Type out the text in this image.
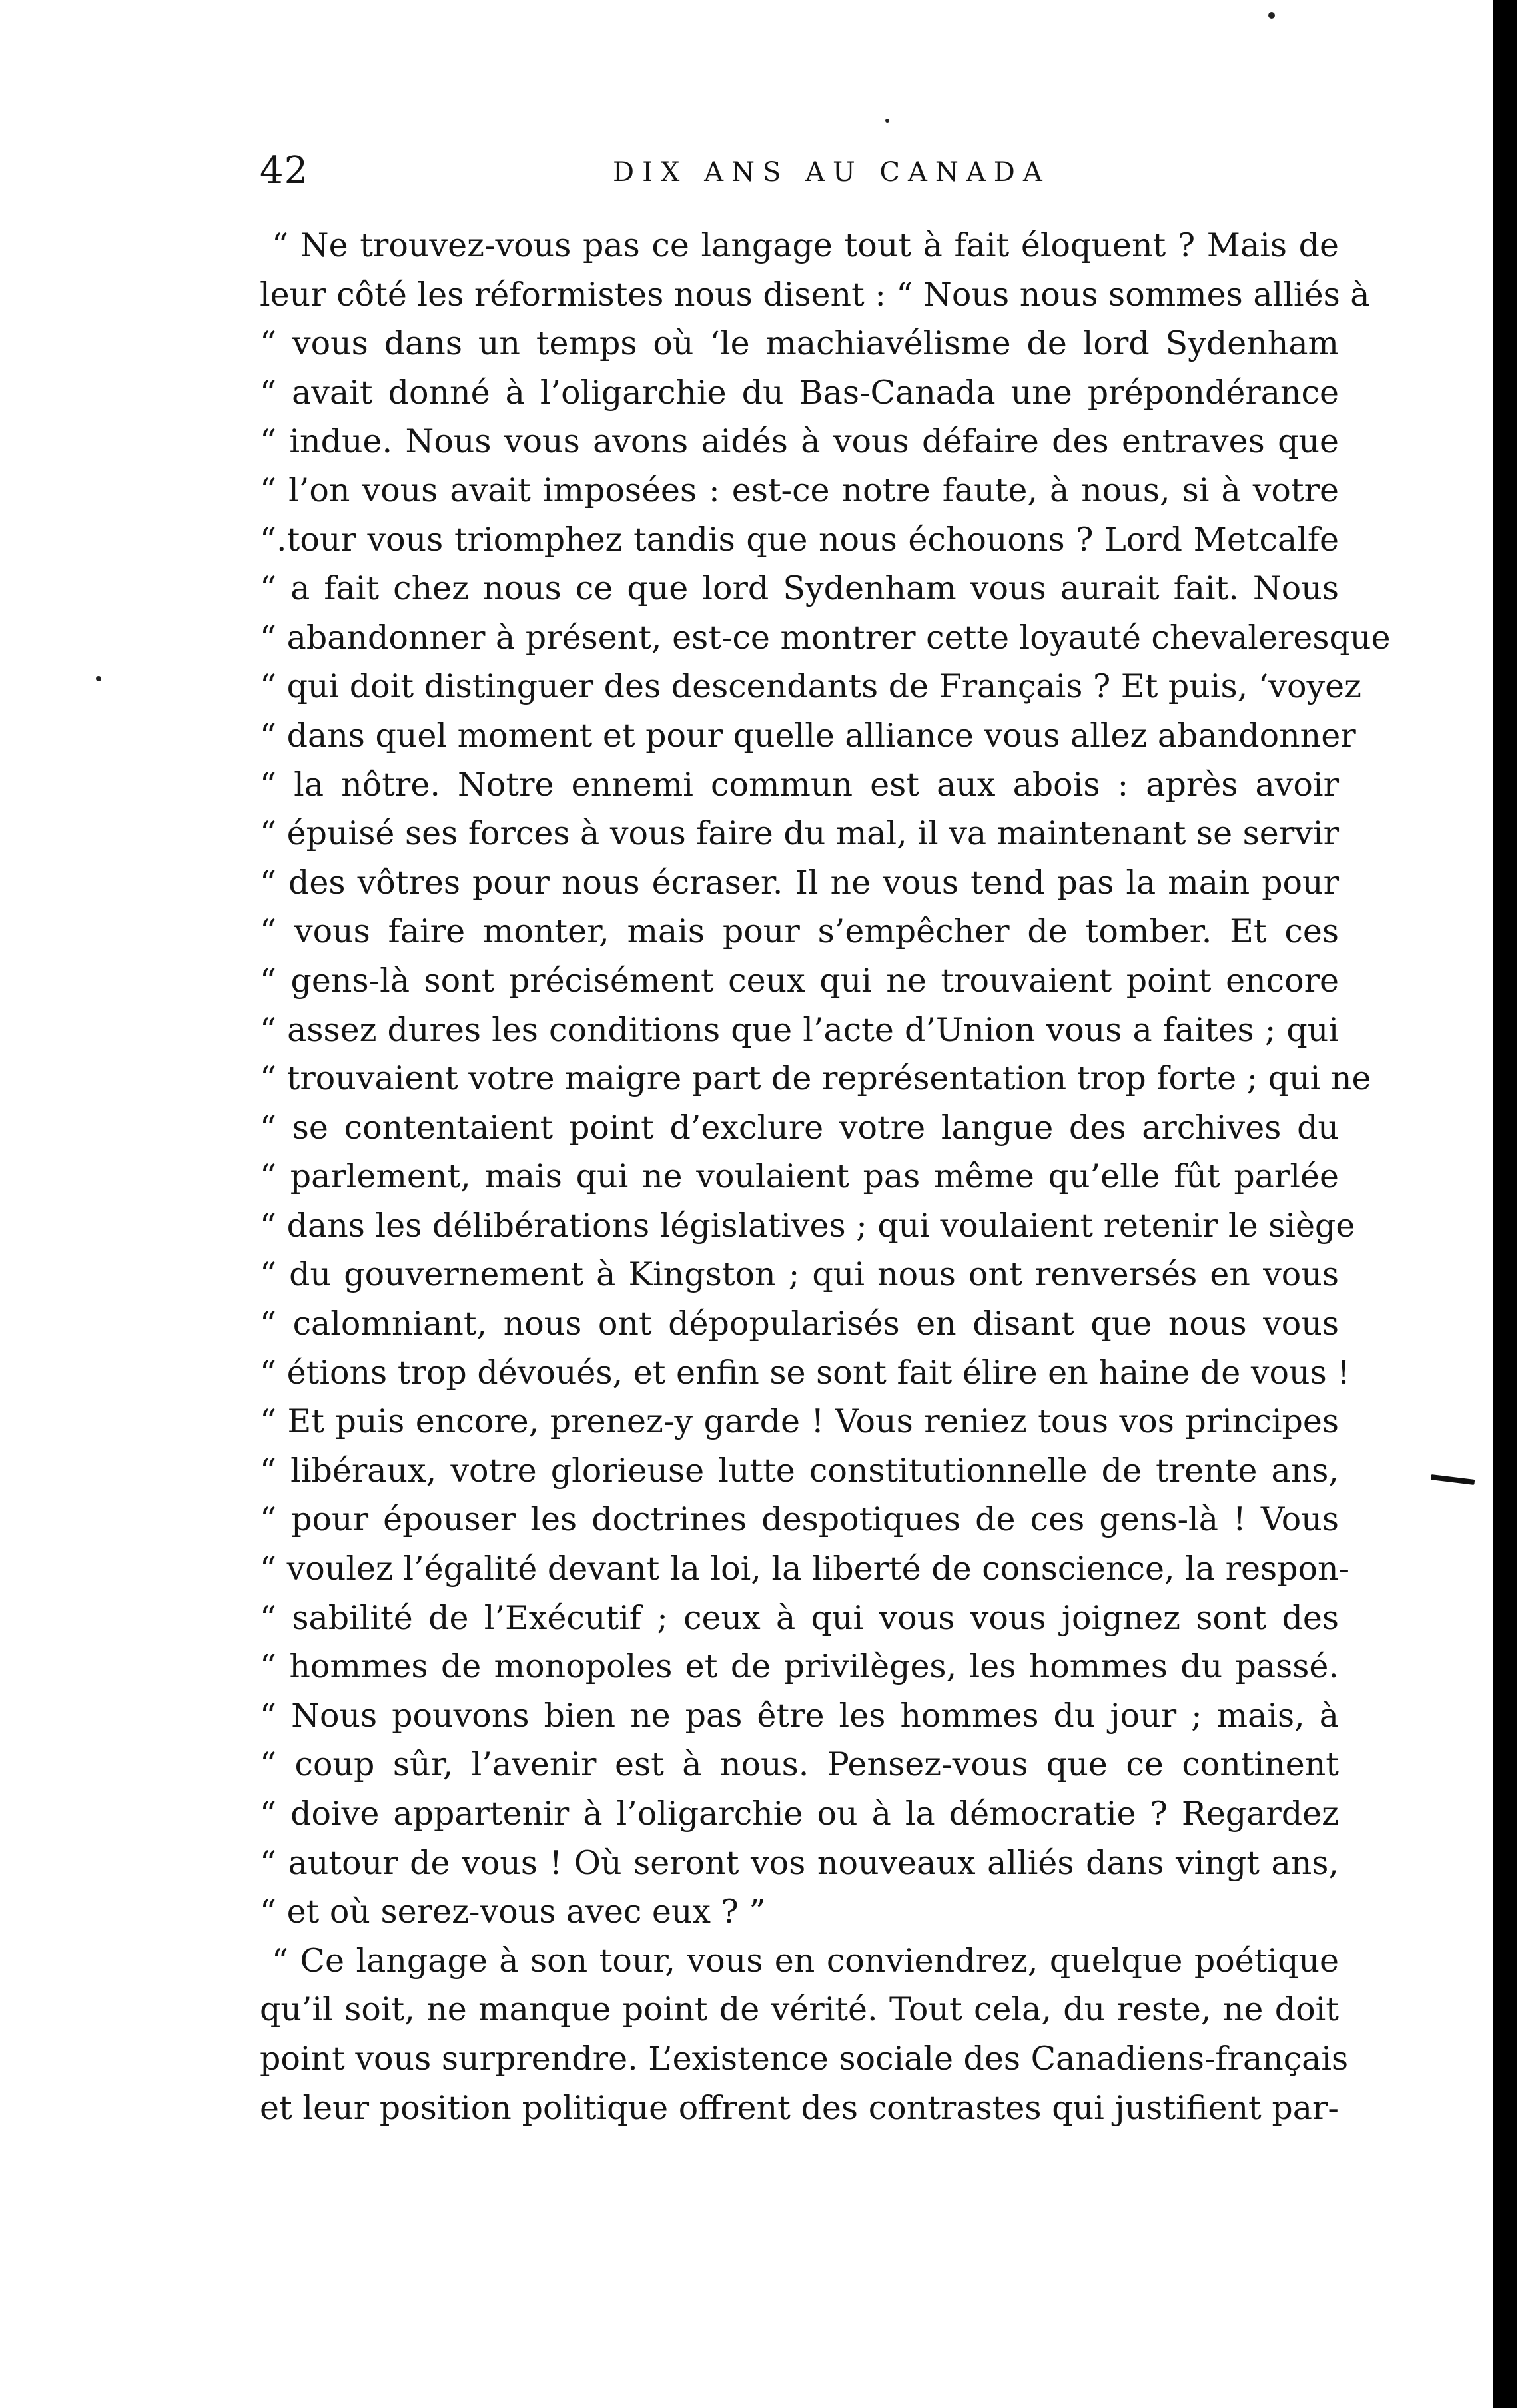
42	DIX ANS AU CANADA
“ Ne trouvez-vous pas ce langage tout à fait éloquent ? Mais de
leur côté les réformistes nous disent : “ Nous nous sommes alliés à
“ vous dans un temps où ‘le machiavélisme de lord Sydenham
“ avait donné à l’oligarchie du Bas-Canada une prépondérance
“ indue. Nous vous avons aidés à vous défaire des entraves que
“ l’on vous avait imposées : est-ce notre faute, à nous, si à votre
“.tour vous triomphez tandis que nous échouons ? Lord Metcalfe
“ a fait chez nous ce que lord Sydenham vous aurait fait. Nous
“ abandonner à présent, est-ce montrer cette loyauté chevaleresque
“ qui doit distinguer des descendants de Français ? Et puis, ‘voyez
“ dans quel moment et pour quelle alliance vous allez abandonner
“ la nôtre. Notre ennemi commun est aux abois : après avoir
“ épuisé ses forces à vous faire du mal, il va maintenant se servir
“ des vôtres pour nous écraser. Il ne vous tend pas la main pour
“ vous faire monter, mais pour s’empêcher de tomber. Et ces
“ gens-là sont précisément ceux qui ne trouvaient point encore
“ assez dures les conditions que l’acte d’Union vous a faites ; qui
“ trouvaient votre maigre part de représentation trop forte ; qui ne
“ se contentaient point d’exclure votre langue des archives du
“ parlement, mais qui ne voulaient pas même qu’elle fût parlée
“ dans les délibérations législatives ; qui voulaient retenir le siège
“ du gouvernement à Kingston ; qui nous ont renversés en vous
“ calomniant, nous ont dépopularisés en disant que nous vous
“ étions trop dévoués, et enfin se sont fait élire en haine de vous !
“ Et puis encore, prenez-y garde ! Vous reniez tous vos principes
“ libéraux, votre glorieuse lutte constitutionnelle de trente ans,
“ pour épouser les doctrines despotiques de ces gens-là ! Vous
“ voulez l’égalité devant la loi, la liberté de conscience, la respon-
“ sabilité de l’Exécutif ; ceux à qui vous vous joignez sont des
“ hommes de monopoles et de privilèges, les hommes du passé.
“ Nous pouvons bien ne pas être les hommes du jour ; mais, à
“ coup sûr, l’avenir est à nous. Pensez-vous que ce continent
“ doive appartenir à l’oligarchie ou à la démocratie ? Regardez
“ autour de vous ! Où seront vos nouveaux alliés dans vingt ans,
“ et où serez-vous avec eux ? ”
“ Ce langage à son tour, vous en conviendrez, quelque poétique
qu’il soit, ne manque point de vérité. Tout cela, du reste, ne doit
point vous surprendre. L’existence sociale des Canadiens-français
et leur position politique offrent des contrastes qui justifient par-
